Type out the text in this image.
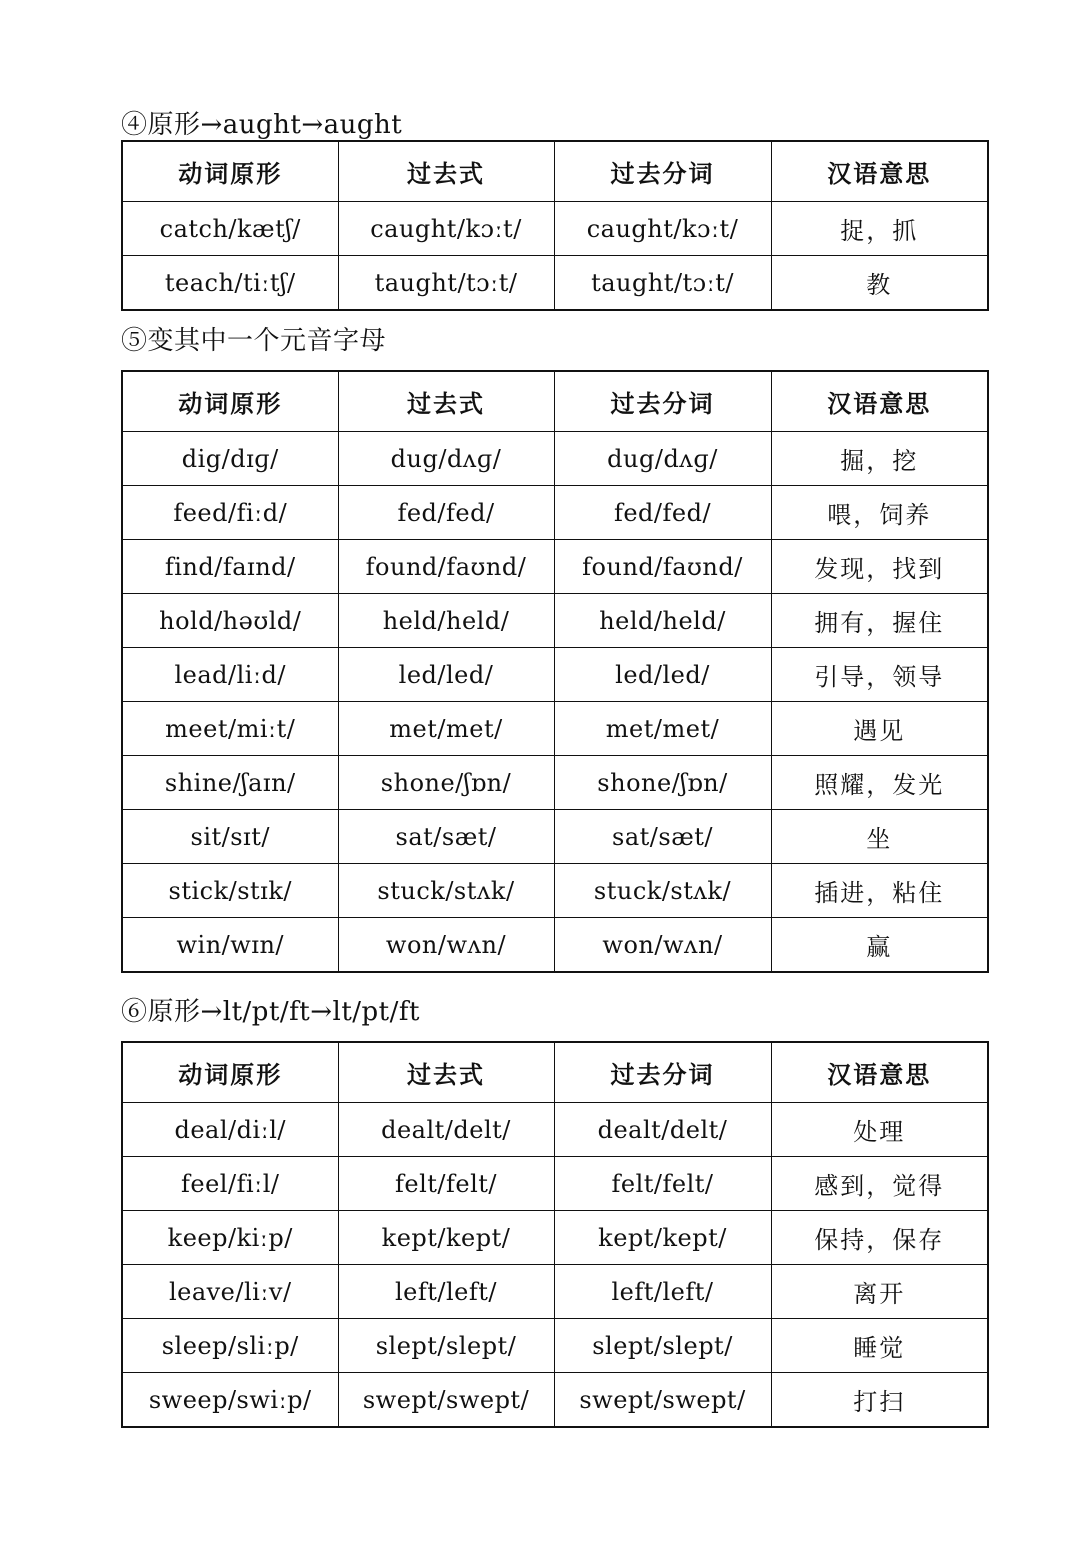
④原形→aught→aught
动词原形	过去式	过去分词	汉语意思
catch/kætʃ/	caught/kɔːt/	caught/kɔːt/	捉，抓
teach/tiːtʃ/	taught/tɔːt/	taught/tɔːt/	教
⑤变其中一个元音字母
动词原形	过去式	过去分词	汉语意思
dig/dɪɡ/	dug/dʌɡ/	dug/dʌɡ/	掘，挖
feed/fiːd/	fed/fed/	fed/fed/	喂，饲养
find/faɪnd/	found/faʊnd/	found/faʊnd/	发现，找到
hold/həʊld/	held/held/	held/held/	拥有，握住
lead/liːd/	led/led/	led/led/	引导，领导
meet/miːt/	met/met/	met/met/	遇见
shine/ʃaɪn/	shone/ʃɒn/	shone/ʃɒn/	照耀，发光
sit/sɪt/	sat/sæt/	sat/sæt/	坐
stick/stɪk/	stuck/stʌk/	stuck/stʌk/	插进，粘住
win/wɪn/	won/wʌn/	won/wʌn/	赢
⑥原形→lt/pt/ft→lt/pt/ft
动词原形	过去式	过去分词	汉语意思
deal/diːl/	dealt/delt/	dealt/delt/	处理
feel/fiːl/	felt/felt/	felt/felt/	感到，觉得
keep/kiːp/	kept/kept/	kept/kept/	保持，保存
leave/liːv/	left/left/	left/left/	离开
sleep/sliːp/	slept/slept/	slept/slept/	睡觉
sweep/swiːp/	swept/swept/	swept/swept/	打扫
